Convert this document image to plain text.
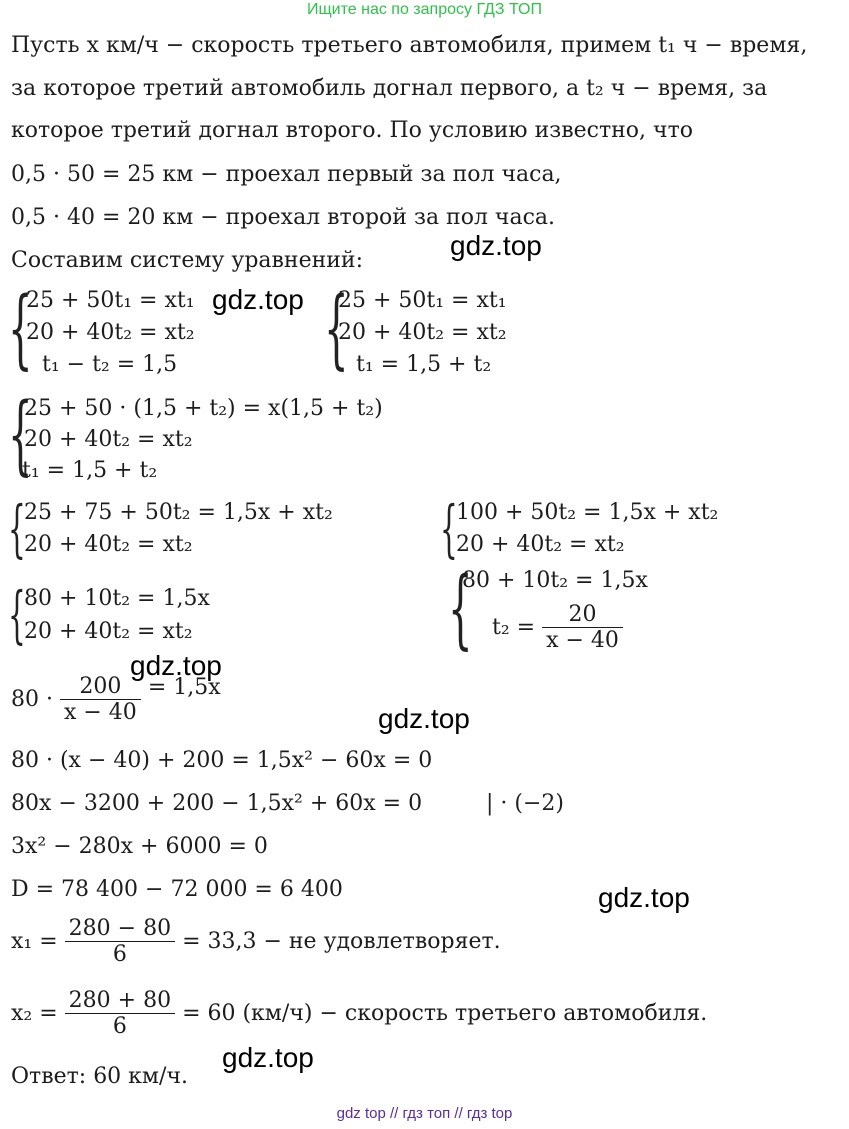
Ищите нас по запросу ГДЗ ТОП
Пусть x км/ч − скорость третьего автомобиля, примем t₁ ч − время,
за которое третий автомобиль догнал первого, а t₂ ч − время, за
которое третий догнал второго. По условию известно, что
0,5 · 50 = 25 км − проехал первый за пол часа,
0,5 · 40 = 20 км − проехал второй за пол часа.
Составим систему уравнений:
{
25 + 50t₁ = xt₁
20 + 40t₂ = xt₂
t₁ − t₂ = 1,5 {
25 + 50t₁ = xt₁
20 + 40t₂ = xt₂
t₁ = 1,5 + t₂
{
25 + 50 · (1,5 + t₂) = x(1,5 + t₂)
20 + 40t₂ = xt₂
t₁ = 1,5 + t₂
{
25 + 75 + 50t₂ = 1,5x + xt₂
20 + 40t₂ = xt₂	{
100 + 50t₂ = 1,5x + xt₂
20 + 40t₂ = xt₂
{
80 + 10t₂ = 1,5x
20 + 40t₂ = xt₂	{
80 + 10t₂ = 1,5x
$t_2 = \frac{20}{x - 40}$
$80 \cdot \frac{200}{x - 40} = 1,5x$
80 · (x − 40) + 200 = 1,5x² − 60x = 0
80x − 3200 + 200 − 1,5x² + 60x = 0	| · (−2)
3x² − 280x + 6000 = 0
D = 78 400 − 72 000 = 6 400
$x_1 = \frac{280 - 80}{6} = 33,3$ − не удовлетворяет.
$x_2 = \frac{280 + 80}{6} = 60$ (км/ч) − скорость третьего автомобиля.
Ответ: 60 км/ч.
gdz.top
gdz.top
gdz.top
gdz.top
gdz.top
gdz.top
gdz top // гдз топ // гдз top
